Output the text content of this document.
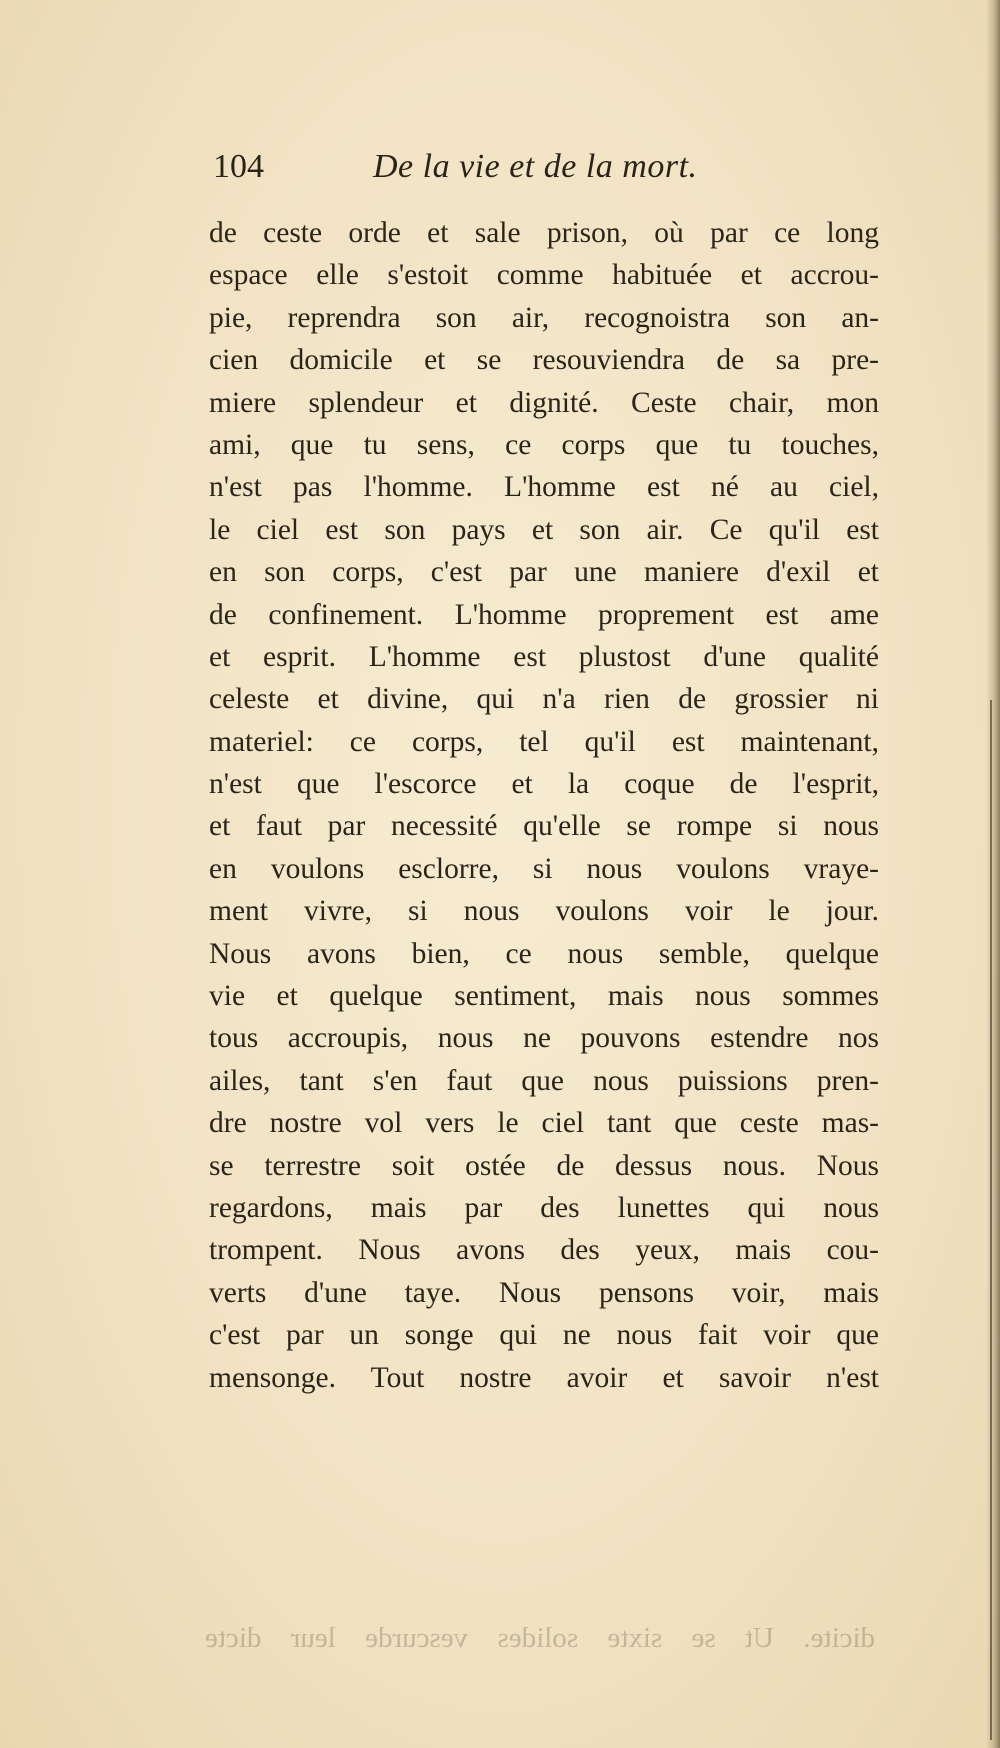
104	De la vie et de la mort.
de ceste orde et sale prison, où par ce long
espace elle s'estoit comme habituée et accrou-
pie, reprendra son air, recognoistra son an-
cien domicile et se resouviendra de sa pre-
miere splendeur et dignité. Ceste chair, mon
ami, que tu sens, ce corps que tu touches,
n'est pas l'homme. L'homme est né au ciel,
le ciel est son pays et son air. Ce qu'il est
en son corps, c'est par une maniere d'exil et
de confinement. L'homme proprement est ame
et esprit. L'homme est plustost d'une qualité
celeste et divine, qui n'a rien de grossier ni
materiel: ce corps, tel qu'il est maintenant,
n'est que l'escorce et la coque de l'esprit,
et faut par necessité qu'elle se rompe si nous
en voulons esclorre, si nous voulons vraye-
ment vivre, si nous voulons voir le jour.
Nous avons bien, ce nous semble, quelque
vie et quelque sentiment, mais nous sommes
tous accroupis, nous ne pouvons estendre nos
ailes, tant s'en faut que nous puissions pren-
dre nostre vol vers le ciel tant que ceste mas-
se terrestre soit ostée de dessus nous. Nous
regardons, mais par des lunettes qui nous
trompent. Nous avons des yeux, mais cou-
verts d'une taye. Nous pensons voir, mais
c'est par un songe qui ne nous fait voir que
mensonge. Tout nostre avoir et savoir n'est
dicite. Ut se sixte solides vescurde leur dicte
